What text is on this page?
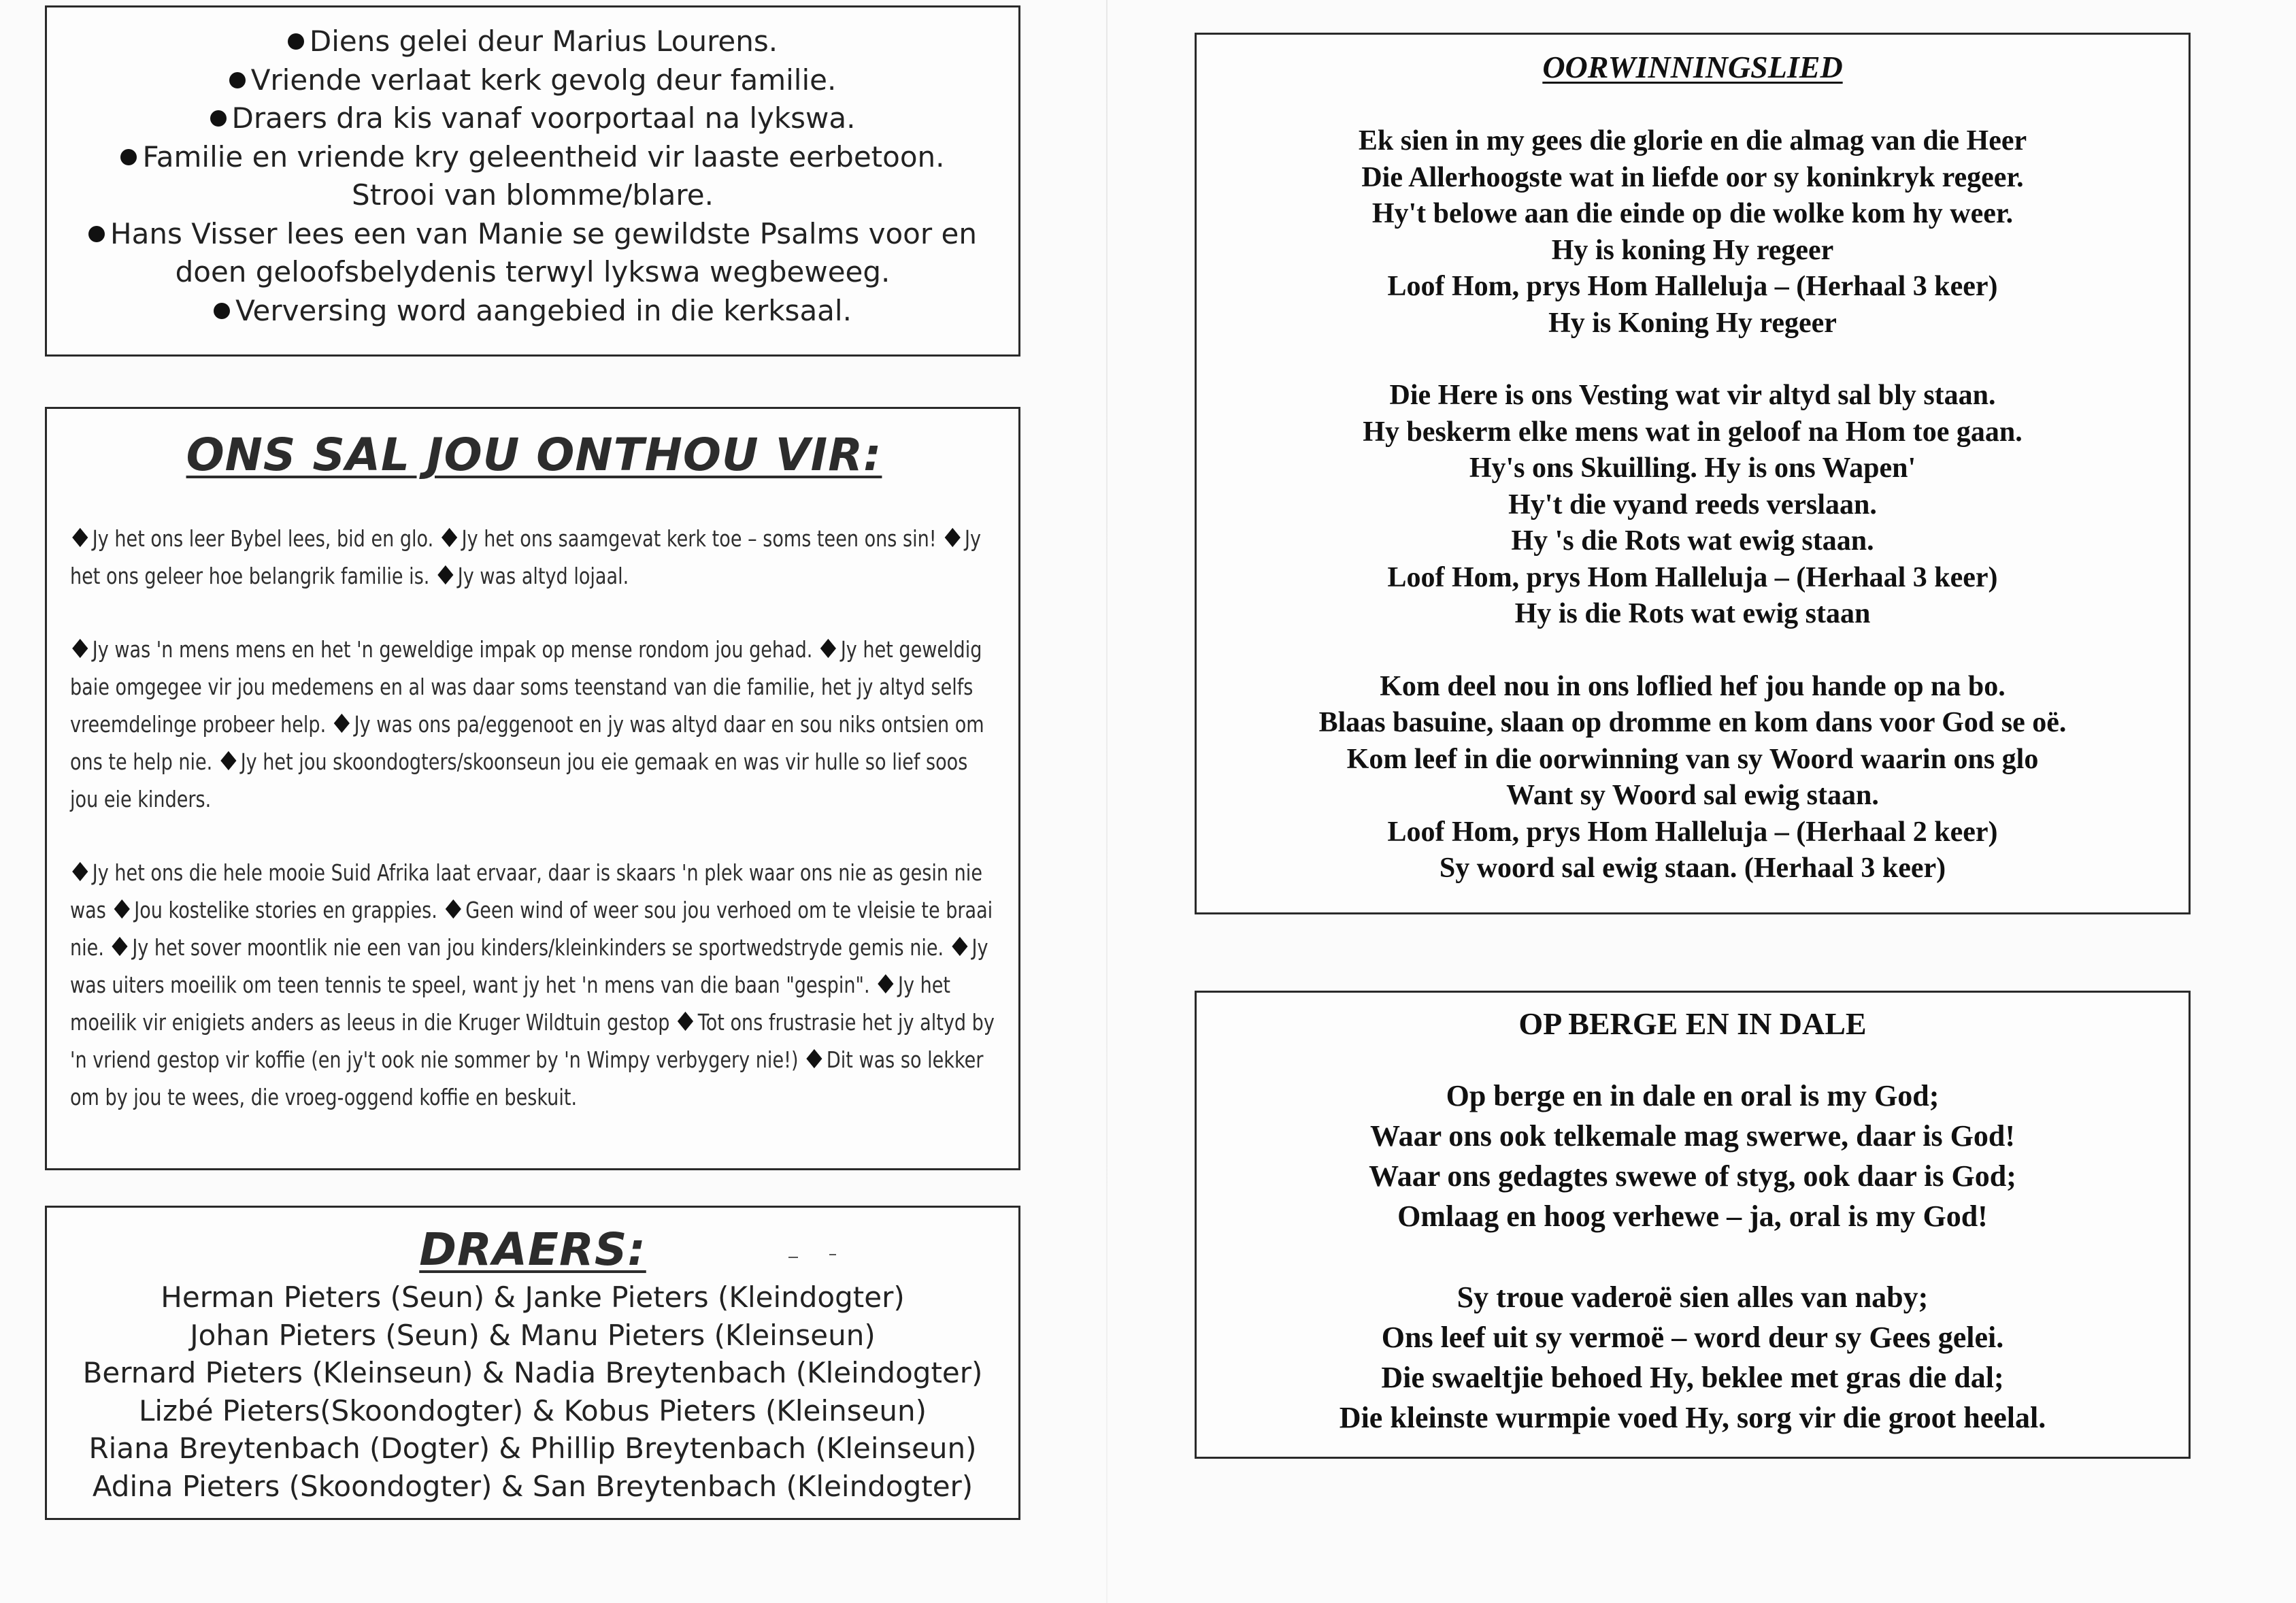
Diens gelei deur Marius Lourens.
Vriende verlaat kerk gevolg deur familie.
Draers dra kis vanaf voorportaal na lykswa.
Familie en vriende kry geleentheid vir laaste eerbetoon.
Strooi van blomme/blare.
Hans Visser lees een van Manie se gewildste Psalms voor en
doen geloofsbelydenis terwyl lykswa wegbeweeg.
Verversing word aangebied in die kerksaal.
ONS SAL JOU ONTHOU VIR:
Jy het ons leer Bybel lees, bid en glo. Jy het ons saamgevat kerk toe – soms teen ons sin! Jy het ons geleer hoe belangrik familie is. Jy was altyd lojaal.
Jy was 'n mens mens en het 'n geweldige impak op mense rondom jou gehad. Jy het geweldig baie omgegee vir jou medemens en al was daar soms teenstand van die familie, het jy altyd selfs vreemdelinge probeer help. Jy was ons pa/eggenoot en jy was altyd daar en sou niks ontsien om ons te help nie. Jy het jou skoondogters/skoonseun jou eie gemaak en was vir hulle so lief soos jou eie kinders.
Jy het ons die hele mooie Suid Afrika laat ervaar, daar is skaars 'n plek waar ons nie as gesin nie was Jou kostelike stories en grappies. Geen wind of weer sou jou verhoed om te vleisie te braai nie. Jy het sover moontlik nie een van jou kinders/kleinkinders se sportwedstryde gemis nie. Jy was uiters moeilik om teen tennis te speel, want jy het 'n mens van die baan "gespin". Jy het moeilik vir enigiets anders as leeus in die Kruger Wildtuin gestop Tot ons frustrasie het jy altyd by 'n vriend gestop vir koffie (en jy't ook nie sommer by 'n Wimpy verbygery nie!) Dit was so lekker om by jou te wees, die vroeg-oggend koffie en beskuit.
DRAERS:
Herman Pieters (Seun) & Janke Pieters (Kleindogter)
Johan Pieters (Seun) & Manu Pieters (Kleinseun)
Bernard Pieters (Kleinseun) & Nadia Breytenbach (Kleindogter)
Lizbé Pieters(Skoondogter) & Kobus Pieters (Kleinseun)
Riana Breytenbach (Dogter) & Phillip Breytenbach (Kleinseun)
Adina Pieters (Skoondogter) & San Breytenbach (Kleindogter)
OORWINNINGSLIED
Ek sien in my gees die glorie en die almag van die Heer
Die Allerhoogste wat in liefde oor sy koninkryk regeer.
Hy't belowe aan die einde op die wolke kom hy weer.
Hy is koning Hy regeer
Loof Hom, prys Hom Halleluja – (Herhaal 3 keer)
Hy is Koning Hy regeer
Die Here is ons Vesting wat vir altyd sal bly staan.
Hy beskerm elke mens wat in geloof na Hom toe gaan.
Hy's ons Skuilling. Hy is ons Wapen'
Hy't die vyand reeds verslaan.
Hy 's die Rots wat ewig staan.
Loof Hom, prys Hom Halleluja – (Herhaal 3 keer)
Hy is die Rots wat ewig staan
Kom deel nou in ons loflied hef jou hande op na bo.
Blaas basuine, slaan op dromme en kom dans voor God se oë.
Kom leef in die oorwinning van sy Woord waarin ons glo
Want sy Woord sal ewig staan.
Loof Hom, prys Hom Halleluja – (Herhaal 2 keer)
Sy woord sal ewig staan. (Herhaal 3 keer)
OP BERGE EN IN DALE
Op berge en in dale en oral is my God;
Waar ons ook telkemale mag swerwe, daar is God!
Waar ons gedagtes swewe of styg, ook daar is God;
Omlaag en hoog verhewe – ja, oral is my God!
Sy troue vaderoë sien alles van naby;
Ons leef uit sy vermoë – word deur sy Gees gelei.
Die swaeltjie behoed Hy, beklee met gras die dal;
Die kleinste wurmpie voed Hy, sorg vir die groot heelal.
